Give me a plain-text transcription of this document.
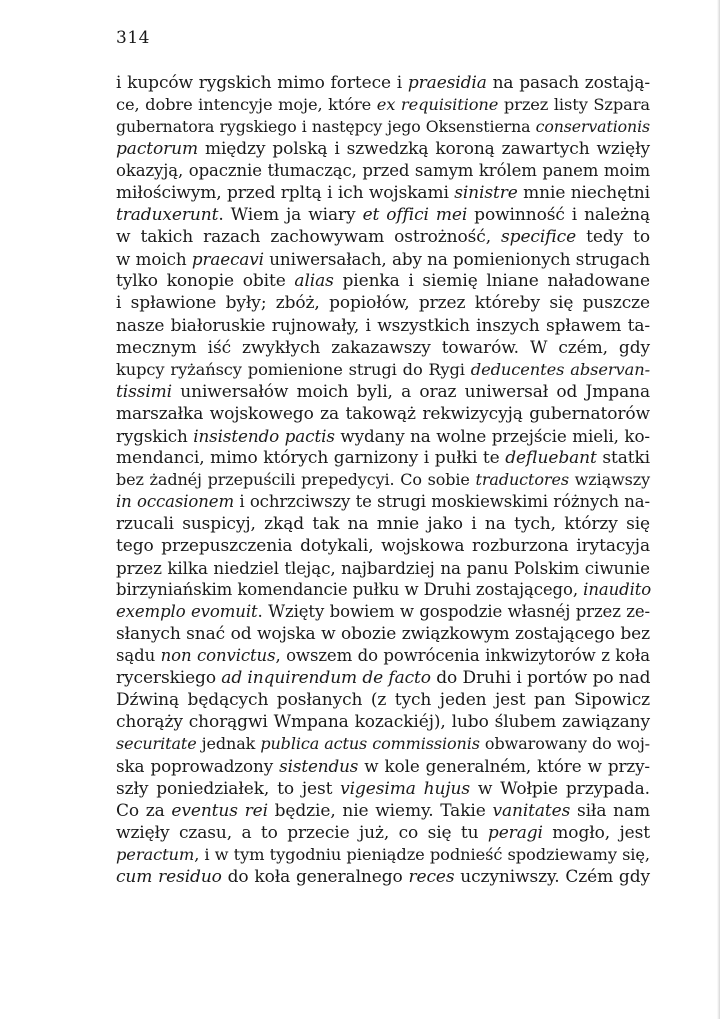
314
i kupców rygskich mimo fortece i praesidia na pasach zostają-
ce, dobre intencyje moje, które ex requisitione przez listy Szpara
gubernatora rygskiego i następcy jego Oksenstierna conservationis
pactorum między polską i szwedzką koroną zawartych wzięły
okazyją, opacznie tłumacząc, przed samym królem panem moim
miłościwym, przed rpltą i ich wojskami sinistre mnie niechętni
traduxerunt. Wiem ja wiary et offici mei powinność i należną
w takich razach zachowywam ostrożność, specifice tedy to
w moich praecavi uniwersałach, aby na pomienionych strugach
tylko konopie obite alias pienka i siemię lniane naładowane
i spławione były; zbóż, popiołów, przez któreby się puszcze
nasze białoruskie rujnowały, i wszystkich inszych spławem ta-
mecznym iść zwykłych zakazawszy towarów. W czém, gdy
kupcy ryżańscy pomienione strugi do Rygi deducentes abservan-
tissimi uniwersałów moich byli, a oraz uniwersał od Jmpana
marszałka wojskowego za takowąż rekwizycyją gubernatorów
rygskich insistendo pactis wydany na wolne przejście mieli, ko-
mendanci, mimo których garnizony i pułki te defluebant statki
bez żadnéj przepuścili prepedycyi. Co sobie traductores wziąwszy
in occasionem i ochrzciwszy te strugi moskiewskimi różnych na-
rzucali suspicyj, zkąd tak na mnie jako i na tych, którzy się
tego przepuszczenia dotykali, wojskowa rozburzona irytacyja
przez kilka niedziel tlejąc, najbardziej na panu Polskim ciwunie
birzyniańskim komendancie pułku w Druhi zostającego, inaudito
exemplo evomuit. Wzięty bowiem w gospodzie własnéj przez ze-
słanych snać od wojska w obozie związkowym zostającego bez
sądu non convictus, owszem do powrócenia inkwizytorów z koła
rycerskiego ad inquirendum de facto do Druhi i portów po nad
Dźwiną będących posłanych (z tych jeden jest pan Sipowicz
chorąży chorągwi Wmpana kozackiéj), lubo ślubem zawiązany
securitate jednak publica actus commissionis obwarowany do woj-
ska poprowadzony sistendus w kole generalném, które w przy-
szły poniedziałek, to jest vigesima hujus w Wołpie przypada.
Co za eventus rei będzie, nie wiemy. Takie vanitates siła nam
wzięły czasu, a to przecie już, co się tu peragi mogło, jest
peractum, i w tym tygodniu pieniądze podnieść spodziewamy się,
cum residuo do koła generalnego reces uczyniwszy. Czém gdy
